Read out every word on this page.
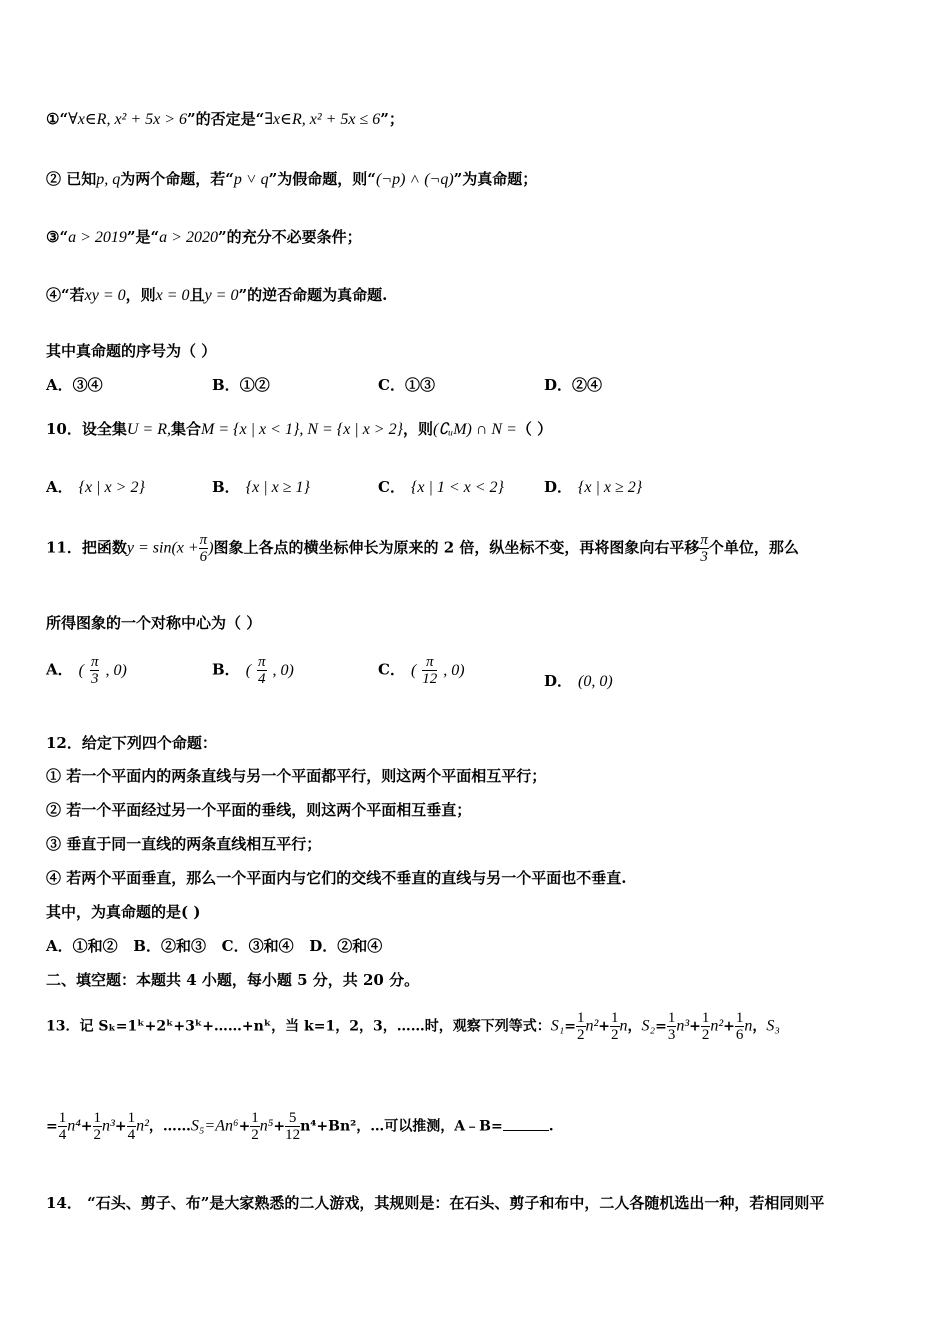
①“∀x∈R, x² + 5x > 6”的否定是“∃x∈R, x² + 5x ≤ 6”；
② 已知p, q为两个命题，若“p ˅ q”为假命题，则“(¬p) ˄ (¬q)”为真命题；
③“a > 2019”是“a > 2020”的充分不必要条件；
④“若xy = 0，则x = 0且y = 0”的逆否命题为真命题.
其中真命题的序号为（ ）
A．③④	B．①②	C．①③	D．②④
10．设全集U = R,集合M = {x | x < 1}, N = {x | x > 2}，则(∁ᵤM) ∩ N =（ ）
A． {x | x > 2}	B． {x | x ≥ 1}	C． {x | 1 < x < 2}	D． {x | x ≥ 2}
11．把函数$y = \sin(x + \frac{\pi}{6}$ )图象上各点的横坐标伸长为原来的 2 倍，纵坐标不变，再将图象向右平移 $\frac{\pi}{3}$ 个单位，那么
所得图象的一个对称中心为（ ）
A． ( $\frac{\pi}{3}$ , 0)	B． ( $\frac{\pi}{4}$ , 0)	C． ( $\frac{\pi}{12}$ , 0)
D． (0, 0)
12．给定下列四个命题：
① 若一个平面内的两条直线与另一个平面都平行，则这两个平面相互平行；
② 若一个平面经过另一个平面的垂线，则这两个平面相互垂直；
③ 垂直于同一直线的两条直线相互平行；
④ 若两个平面垂直，那么一个平面内与它们的交线不垂直的直线与另一个平面也不垂直.
其中，为真命题的是( )
A．①和②   B．②和③   C．③和④   D．②和④
二、填空题：本题共 4 小题，每小题 5 分，共 20 分。
13．记 Sₖ=1ᵏ+2ᵏ+3ᵏ+……+nᵏ，当 k=1，2，3，……时，观察下列等式：$S_1= \frac{1}{2} n^2+ \frac{1}{2}$ n，$S_2= \frac{1}{3} n^3+ \frac{1}{2} n^2+ \frac{1}{6}$ n，S₃
= $\frac{1}{4} n^4+ \frac{1}{2} n^3+ \frac{1}{4} n^2$，……S₅=An⁶+ $\frac{1}{2} n^5+ \frac{5}{12} n^4+Bn^2$，…可以推测，A﹣B=	.
14． “石头、剪子、布”是大家熟悉的二人游戏，其规则是：在石头、剪子和布中，二人各随机选出一种，若相同则平
